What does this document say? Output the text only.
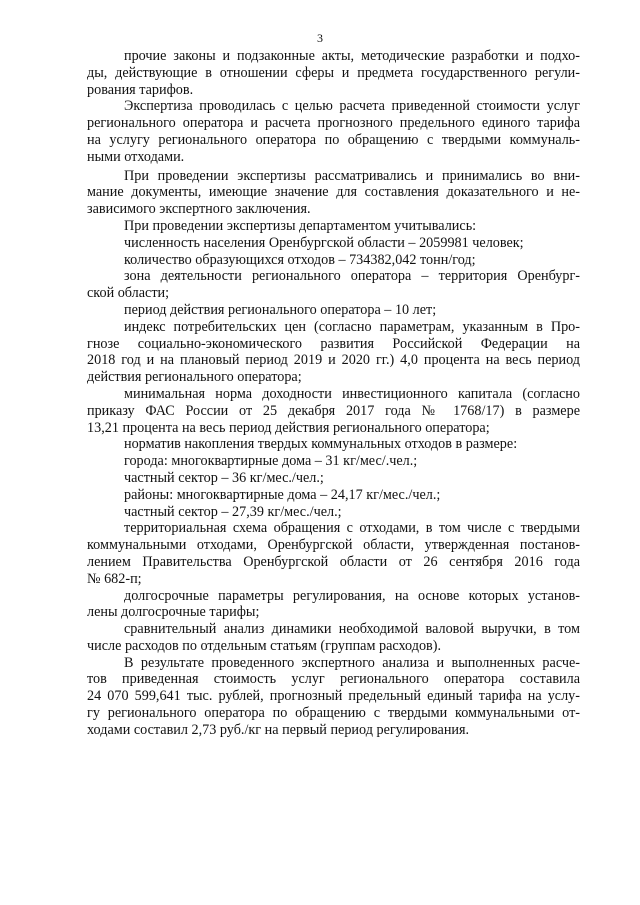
3
прочие законы и подзаконные акты, методические разработки и подхо-
ды, действующие в отношении сферы и предмета государственного регули-
рования тарифов.
Экспертиза проводилась с целью расчета приведенной стоимости услуг
регионального оператора и расчета прогнозного предельного единого тарифа
на услугу регионального оператора по обращению с твердыми коммуналь-
ными отходами.
При проведении экспертизы рассматривались и принимались во вни-
мание документы, имеющие значение для составления доказательного и не-
зависимого экспертного заключения.
При проведении экспертизы департаментом учитывались:
численность населения Оренбургской области – 2059981 человек;
количество образующихся отходов – 734382,042 тонн/год;
зона деятельности регионального оператора – территория Оренбург-
ской области;
период действия регионального оператора – 10 лет;
индекс потребительских цен (согласно параметрам, указанным в Про-
гнозе социально-экономического развития Российской Федерации на
2018 год и на плановый период 2019 и 2020 гг.) 4,0 процента на весь период
действия регионального оператора;
минимальная норма доходности инвестиционного капитала (согласно
приказу ФАС России от 25 декабря 2017 года № 1768/17) в размере
13,21 процента на весь период действия регионального оператора;
норматив накопления твердых коммунальных отходов в размере:
города: многоквартирные дома – 31 кг/мес/.чел.;
частный сектор – 36 кг/мес./чел.;
районы: многоквартирные дома – 24,17 кг/мес./чел.;
частный сектор – 27,39 кг/мес./чел.;
территориальная схема обращения с отходами, в том числе с твердыми
коммунальными отходами, Оренбургской области, утвержденная постанов-
лением Правительства Оренбургской области от 26 сентября 2016 года
№ 682-п;
долгосрочные параметры регулирования, на основе которых установ-
лены долгосрочные тарифы;
сравнительный анализ динамики необходимой валовой выручки, в том
числе расходов по отдельным статьям (группам расходов).
В результате проведенного экспертного анализа и выполненных расче-
тов приведенная стоимость услуг регионального оператора составила
24 070 599,641 тыс. рублей, прогнозный предельный единый тарифа на услу-
гу регионального оператора по обращению с твердыми коммунальными от-
ходами составил 2,73 руб./кг на первый период регулирования.
